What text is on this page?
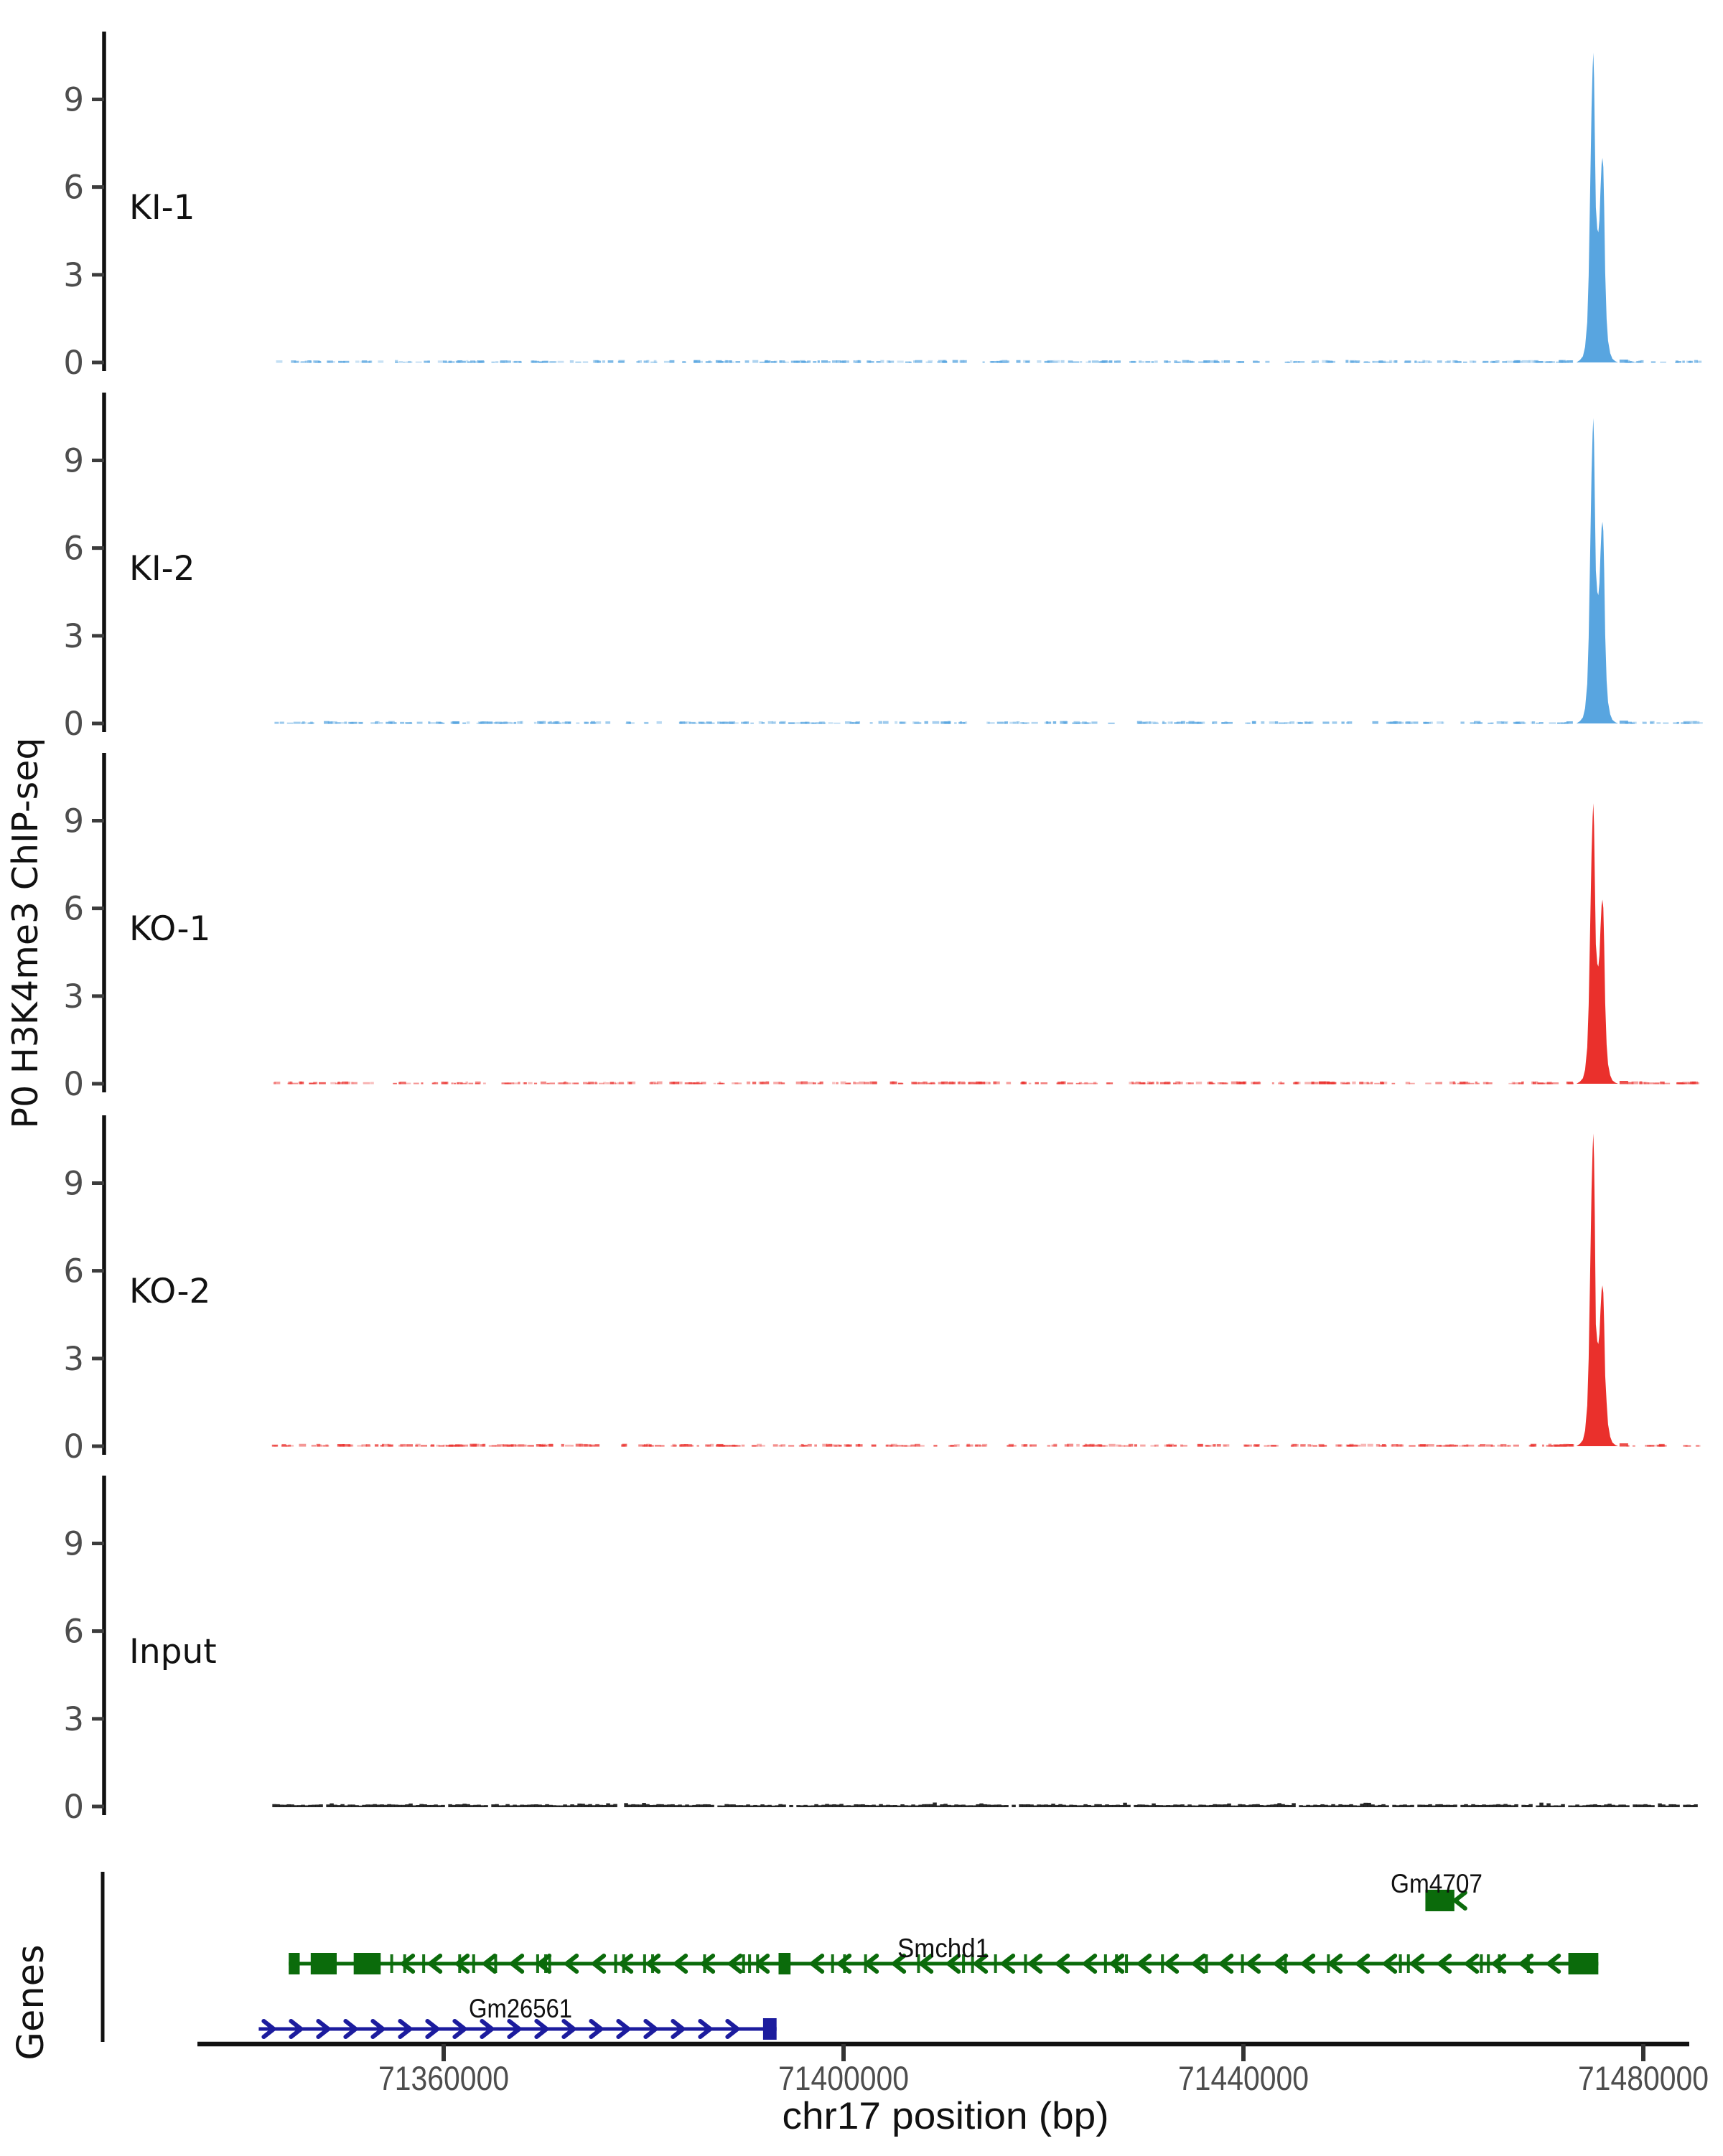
0
3
6
9
KI-1
0
3
6
9
KI-2
0
3
6
9
KO-1
0
3
6
9
KO-2
0
3
6
9
Input
P0 H3K4me3 ChIP-seq
Genes
Gm4707
Smchd1
Gm26561
71360000	71400000	71440000	71480000
chr17 position (bp)
